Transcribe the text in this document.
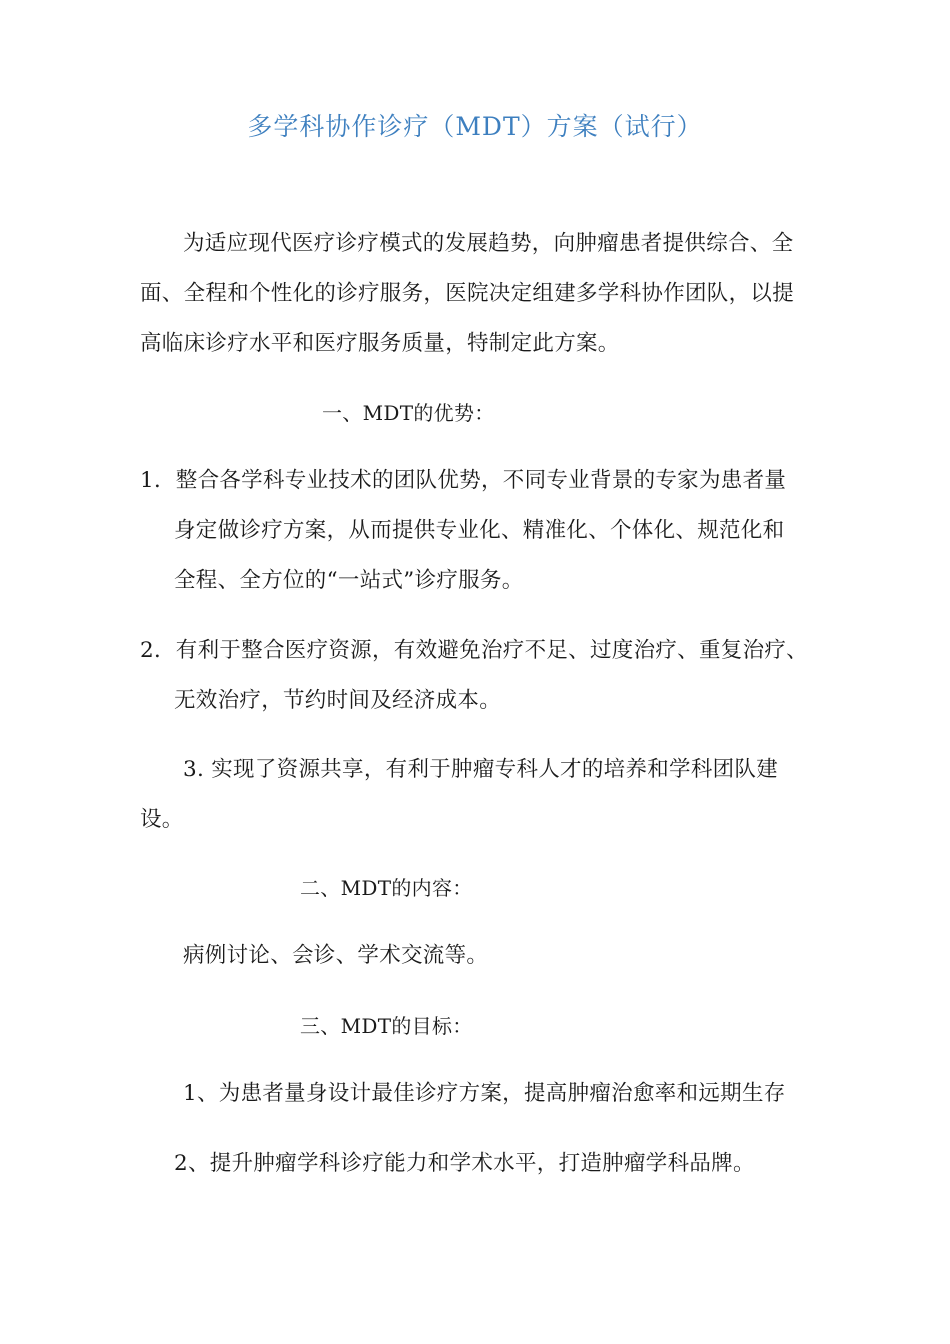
多学科协作诊疗（MDT）方案（试行）
为适应现代医疗诊疗模式的发展趋势，向肿瘤患者提供综合、全
面、全程和个性化的诊疗服务，医院决定组建多学科协作团队，以提
高临床诊疗水平和医疗服务质量，特制定此方案。
一、MDT的优势：
1．整合各学科专业技术的团队优势，不同专业背景的专家为患者量
身定做诊疗方案，从而提供专业化、精准化、个体化、规范化和
全程、全方位的“一站式”诊疗服务。
2．有利于整合医疗资源，有效避免治疗不足、过度治疗、重复治疗、
无效治疗，节约时间及经济成本。
3. 实现了资源共享，有利于肿瘤专科人才的培养和学科团队建
设。
二、MDT的内容：
病例讨论、会诊、学术交流等。
三、MDT的目标：
1、为患者量身设计最佳诊疗方案，提高肿瘤治愈率和远期生存
2、提升肿瘤学科诊疗能力和学术水平，打造肿瘤学科品牌。
